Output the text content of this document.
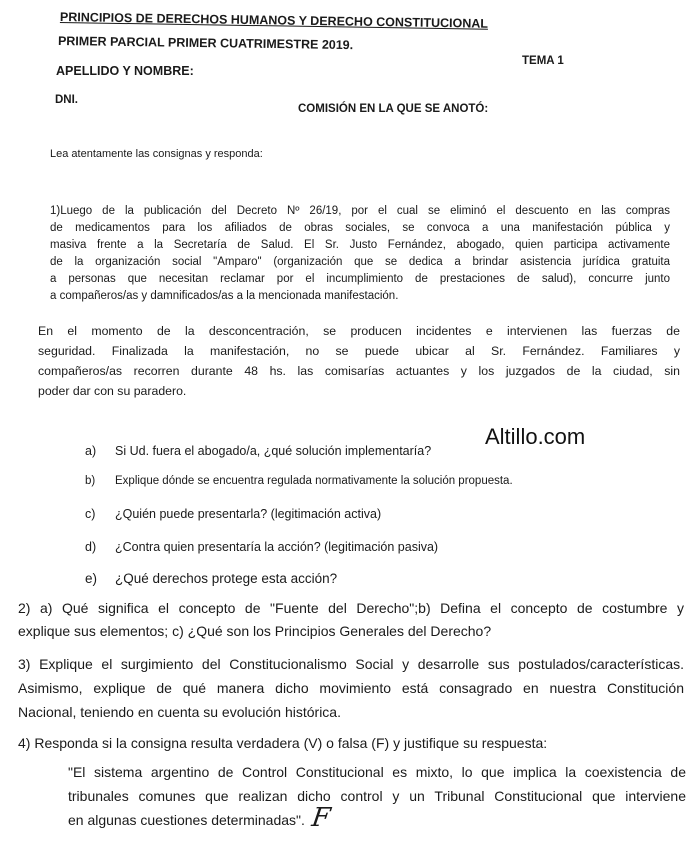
PRINCIPIOS DE DERECHOS HUMANOS Y DERECHO CONSTITUCIONAL
PRIMER PARCIAL PRIMER CUATRIMESTRE 2019.
TEMA 1
APELLIDO Y NOMBRE:
DNI.
COMISIÓN EN LA QUE SE ANOTÓ:
Lea atentamente las consignas y responda:
1)Luego de la publicación del Decreto Nº 26/19, por el cual se eliminó el descuento en las compras
de medicamentos para los afiliados de obras sociales, se convoca a una manifestación pública y
masiva frente a la Secretaría de Salud. El Sr. Justo Fernández, abogado, quien participa activamente
de la organización social "Amparo" (organización que se dedica a brindar asistencia jurídica gratuita
a personas que necesitan reclamar por el incumplimiento de prestaciones de salud), concurre junto
a compañeros/as y damnificados/as a la mencionada manifestación.
En el momento de la desconcentración, se producen incidentes e intervienen las fuerzas de
seguridad. Finalizada la manifestación, no se puede ubicar al Sr. Fernández. Familiares y
compañeros/as recorren durante 48 hs. las comisarías actuantes y los juzgados de la ciudad, sin
poder dar con su paradero.
Altillo.com
a) Si Ud. fuera el abogado/a, ¿qué solución implementaría?
b) Explique dónde se encuentra regulada normativamente la solución propuesta.
c) ¿Quién puede presentarla? (legitimación activa)
d) ¿Contra quien presentaría la acción? (legitimación pasiva)
e) ¿Qué derechos protege esta acción?
2) a) Qué significa el concepto de "Fuente del Derecho";b) Defina el concepto de costumbre y
explique sus elementos; c) ¿Qué son los Principios Generales del Derecho?
3) Explique el surgimiento del Constitucionalismo Social y desarrolle sus postulados/características.
Asimismo, explique de qué manera dicho movimiento está consagrado en nuestra Constitución
Nacional, teniendo en cuenta su evolución histórica.
4) Responda si la consigna resulta verdadera (V) o falsa (F) y justifique su respuesta:
"El sistema argentino de Control Constitucional es mixto, lo que implica la coexistencia de
tribunales comunes que realizan dicho control y un Tribunal Constitucional que interviene
en algunas cuestiones determinadas". F
